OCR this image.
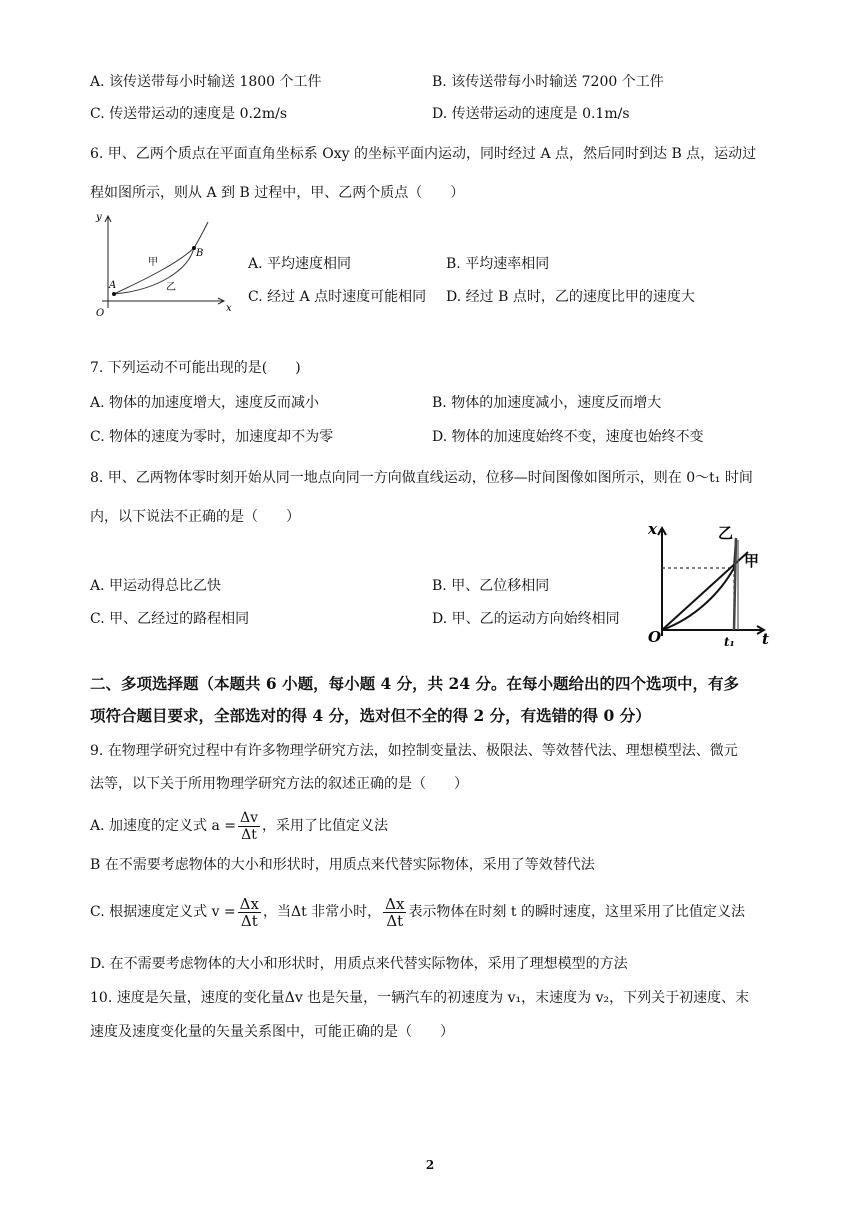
A. 该传送带每小时输送 1800 个工件	B. 该传送带每小时输送 7200 个工件
C. 传送带运动的速度是 0.2m/s	D. 传送带运动的速度是 0.1m/s
6. 甲、乙两个质点在平面直角坐标系 Oxy 的坐标平面内运动，同时经过 A 点，然后同时到达 B 点，运动过
程如图所示，则从 A 到 B 过程中，甲、乙两个质点（　　）
y
x
O
A
B
甲
乙
A. 平均速度相同	B. 平均速率相同
C. 经过 A 点时速度可能相同 D. 经过 B 点时，乙的速度比甲的速度大
7. 下列运动不可能出现的是(　　)
A. 物体的加速度增大，速度反而减小	B. 物体的加速度减小，速度反而增大
C. 物体的速度为零时，加速度却不为零	D. 物体的加速度始终不变，速度也始终不变
8. 甲、乙两物体零时刻开始从同一地点向同一方向做直线运动，位移—时间图像如图所示，则在 0～t₁ 时间
内，以下说法不正确的是（　　）
x
t
O	t₁
乙
甲
A. 甲运动得总比乙快	B. 甲、乙位移相同
C. 甲、乙经过的路程相同	D. 甲、乙的运动方向始终相同
二、多项选择题（本题共 6 小题，每小题 4 分，共 24 分。在每小题给出的四个选项中，有多
项符合题目要求，全部选对的得 4 分，选对但不全的得 2 分，有选错的得 0 分）
9. 在物理学研究过程中有许多物理学研究方法，如控制变量法、极限法、等效替代法、理想模型法、微元
法等，以下关于所用物理学研究方法的叙述正确的是（　　）
A. 加速度的定义式 $a = \frac{\Delta v}{\Delta t}$ ，采用了比值定义法
B 在不需要考虑物体的大小和形状时，用质点来代替实际物体，采用了等效替代法
C. 根据速度定义式 $v = \frac{\Delta x}{\Delta t}$ ，当Δt 非常小时， $\frac{\Delta x}{\Delta t}$ 表示物体在时刻 t 的瞬时速度，这里采用了比值定义法
D. 在不需要考虑物体的大小和形状时，用质点来代替实际物体，采用了理想模型的方法
10. 速度是矢量，速度的变化量Δv 也是矢量，一辆汽车的初速度为 v₁，末速度为 v₂，下列关于初速度、末
速度及速度变化量的矢量关系图中，可能正确的是（　　）
2
